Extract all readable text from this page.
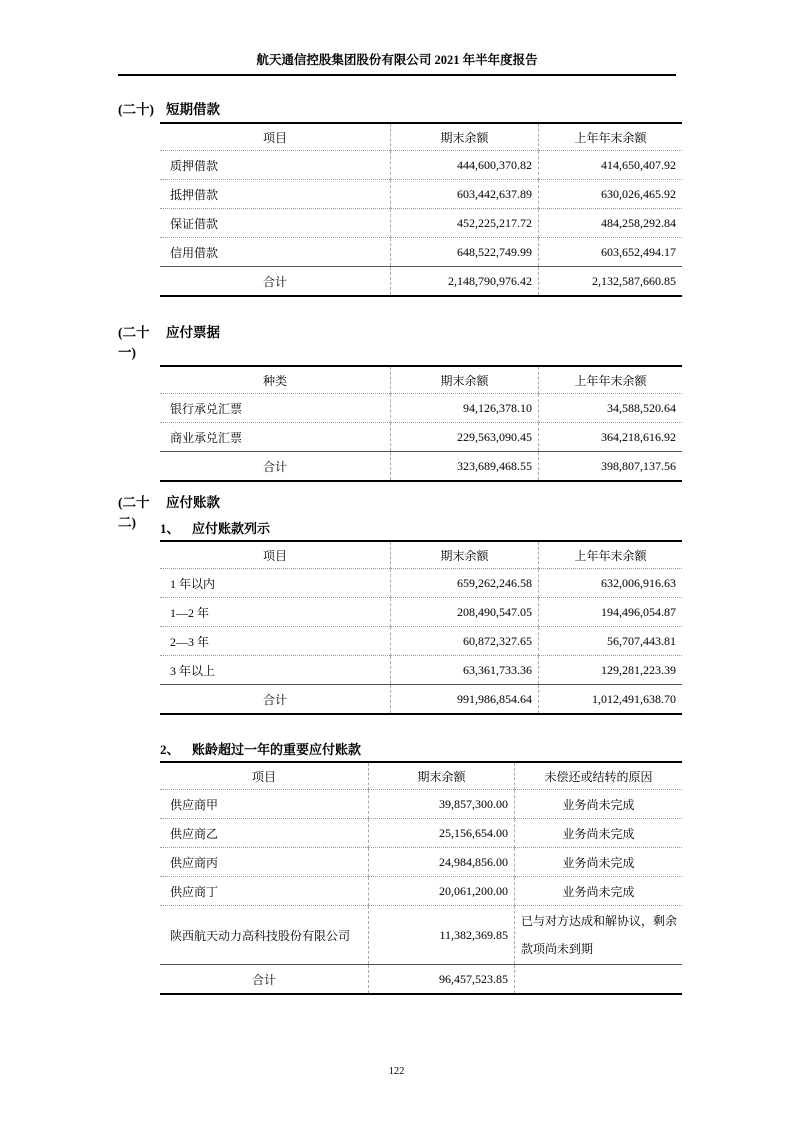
航天通信控股集团股份有限公司 2021 年半年度报告
(二十) 短期借款
项目	期末余额	上年年末余额
质押借款	444,600,370.82	414,650,407.92
抵押借款	603,442,637.89	630,026,465.92
保证借款	452,225,217.72	484,258,292.84
信用借款	648,522,749.99	603,652,494.17
合计	2,148,790,976.42	2,132,587,660.85
(二十一)
应付票据
种类	期末余额	上年年末余额
银行承兑汇票	94,126,378.10	34,588,520.64
商业承兑汇票	229,563,090.45	364,218,616.92
合计	323,689,468.55	398,807,137.56
(二十二)
应付账款
1、 应付账款列示
项目	期末余额	上年年末余额
1 年以内	659,262,246.58	632,006,916.63
1—2 年	208,490,547.05	194,496,054.87
2—3 年	60,872,327.65	56,707,443.81
3 年以上	63,361,733.36	129,281,223.39
合计	991,986,854.64	1,012,491,638.70
2、 账龄超过一年的重要应付账款
项目	期末余额	未偿还或结转的原因
供应商甲	39,857,300.00	业务尚未完成
供应商乙	25,156,654.00	业务尚未完成
供应商丙	24,984,856.00	业务尚未完成
供应商丁	20,061,200.00	业务尚未完成
陕西航天动力高科技股份有限公司	11,382,369.85	已与对方达成和解协议，剩余款项尚未到期
合计	96,457,523.85	
122
